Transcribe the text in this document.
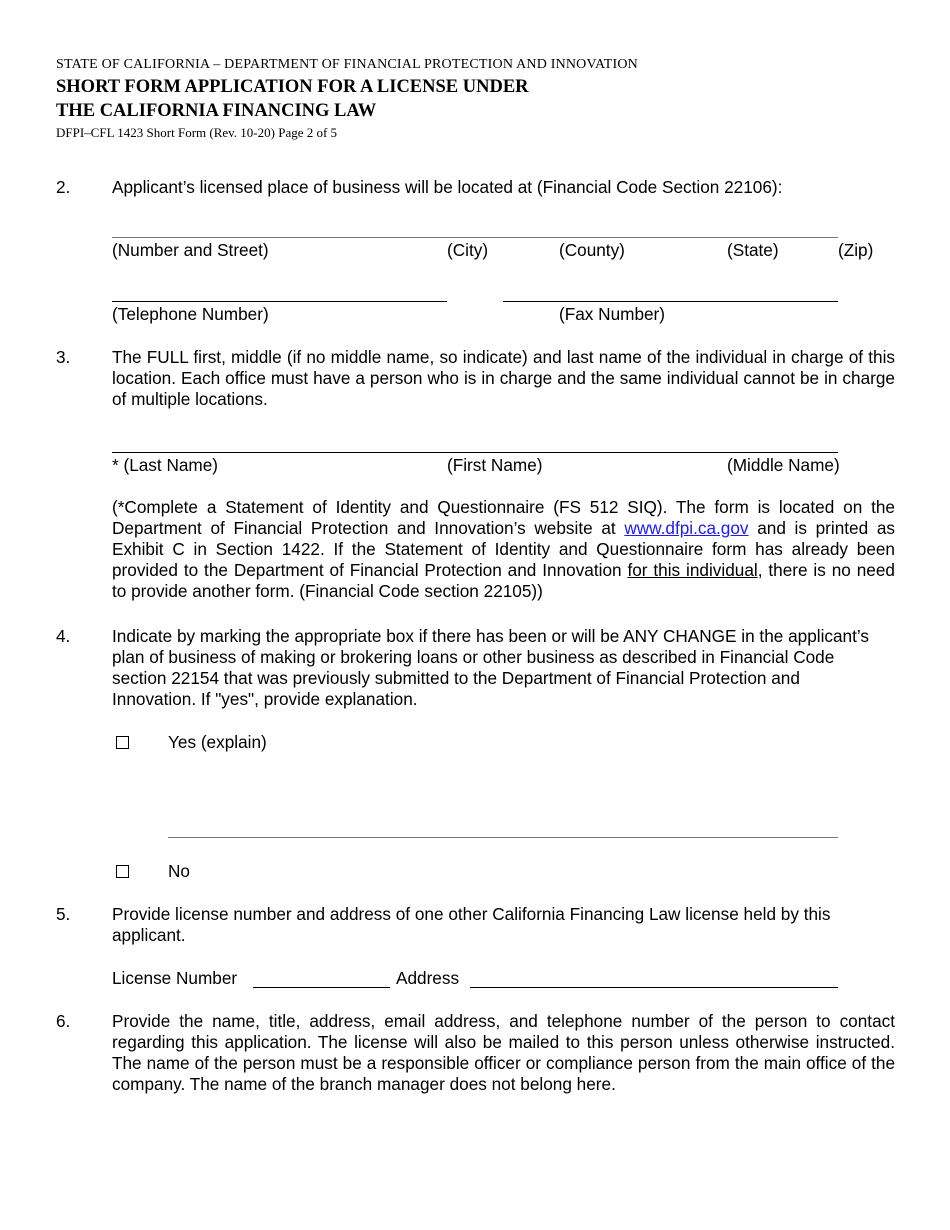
STATE OF CALIFORNIA – DEPARTMENT OF FINANCIAL PROTECTION AND INNOVATION
SHORT FORM APPLICATION FOR A LICENSE UNDER
THE CALIFORNIA FINANCING LAW
DFPI–CFL 1423 Short Form (Rev. 10-20) Page 2 of 5
2. Applicant’s licensed place of business will be located at (Financial Code Section 22106):
(Number and Street)	(City)	(County)	(State)	(Zip)
(Telephone Number)	(Fax Number)
3. The FULL first, middle (if no middle name, so indicate) and last name of the individual in charge of this location. Each office must have a person who is in charge and the same individual cannot be in charge of multiple locations.
* (Last Name)	(First Name)	(Middle Name)
(*Complete a Statement of Identity and Questionnaire (FS 512 SIQ). The form is located on the Department of Financial Protection and Innovation’s website at www.dfpi.ca.gov and is printed as Exhibit C in Section 1422. If the Statement of Identity and Questionnaire form has already been provided to the Department of Financial Protection and Innovation for this individual, there is no need to provide another form. (Financial Code section 22105))
4. Indicate by marking the appropriate box if there has been or will be ANY CHANGE in the applicant’s plan of business of making or brokering loans or other business as described in Financial Code section 22154 that was previously submitted to the Department of Financial Protection and Innovation. If "yes", provide explanation.
Yes (explain)
No
5. Provide license number and address of one other California Financing Law license held by this applicant.
License Number	Address
6. Provide the name, title, address, email address, and telephone number of the person to contact regarding this application. The license will also be mailed to this person unless otherwise instructed. The name of the person must be a responsible officer or compliance person from the main office of the company. The name of the branch manager does not belong here.
